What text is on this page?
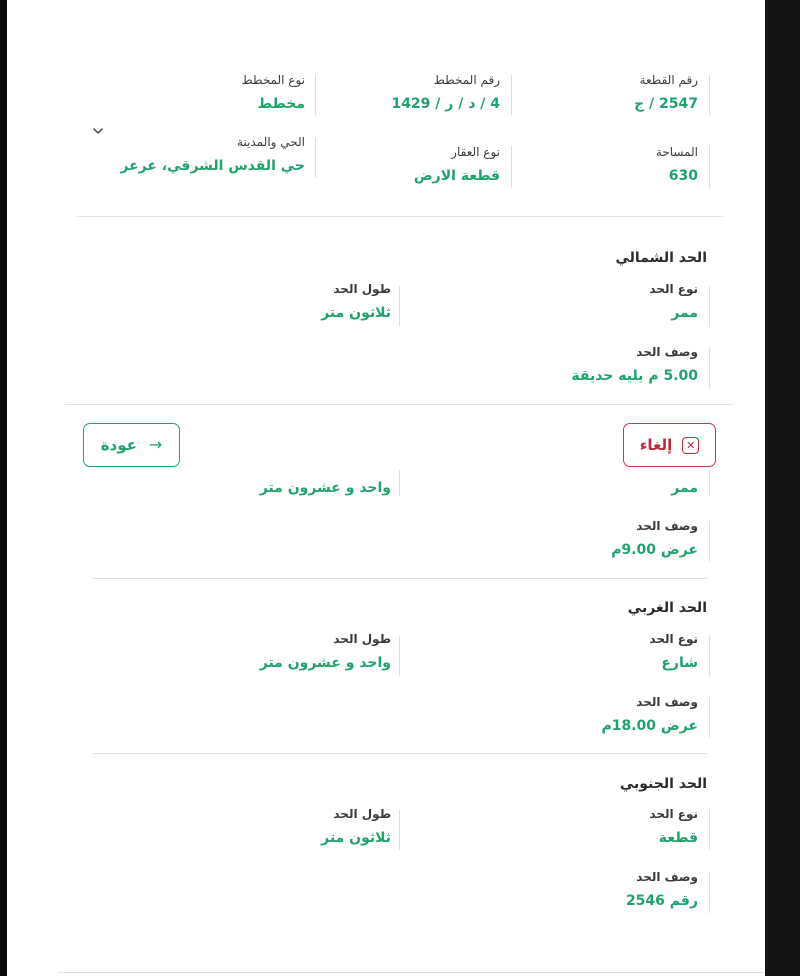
رقم القطعة
2547 / ج
رقم المخطط
4 / د / ر / 1429
نوع المخطط
مخطط
المساحة
630
نوع العقار
قطعة الارض
الحي والمدينة
حي القدس الشرقي، عرعر
الحد الشمالي
نوع الحد
ممر
طول الحد
ثلاثون متر
وصف الحد
5.00 م يليه حديقة
✕
إلغاء
→
عودة
ممر
واحد و عشرون متر
وصف الحد
عرض 9.00م
الحد الغربي
نوع الحد
شارع
طول الحد
واحد و عشرون متر
وصف الحد
عرض 18.00م
الحد الجنوبي
نوع الحد
قطعة
طول الحد
ثلاثون متر
وصف الحد
رقم 2546
